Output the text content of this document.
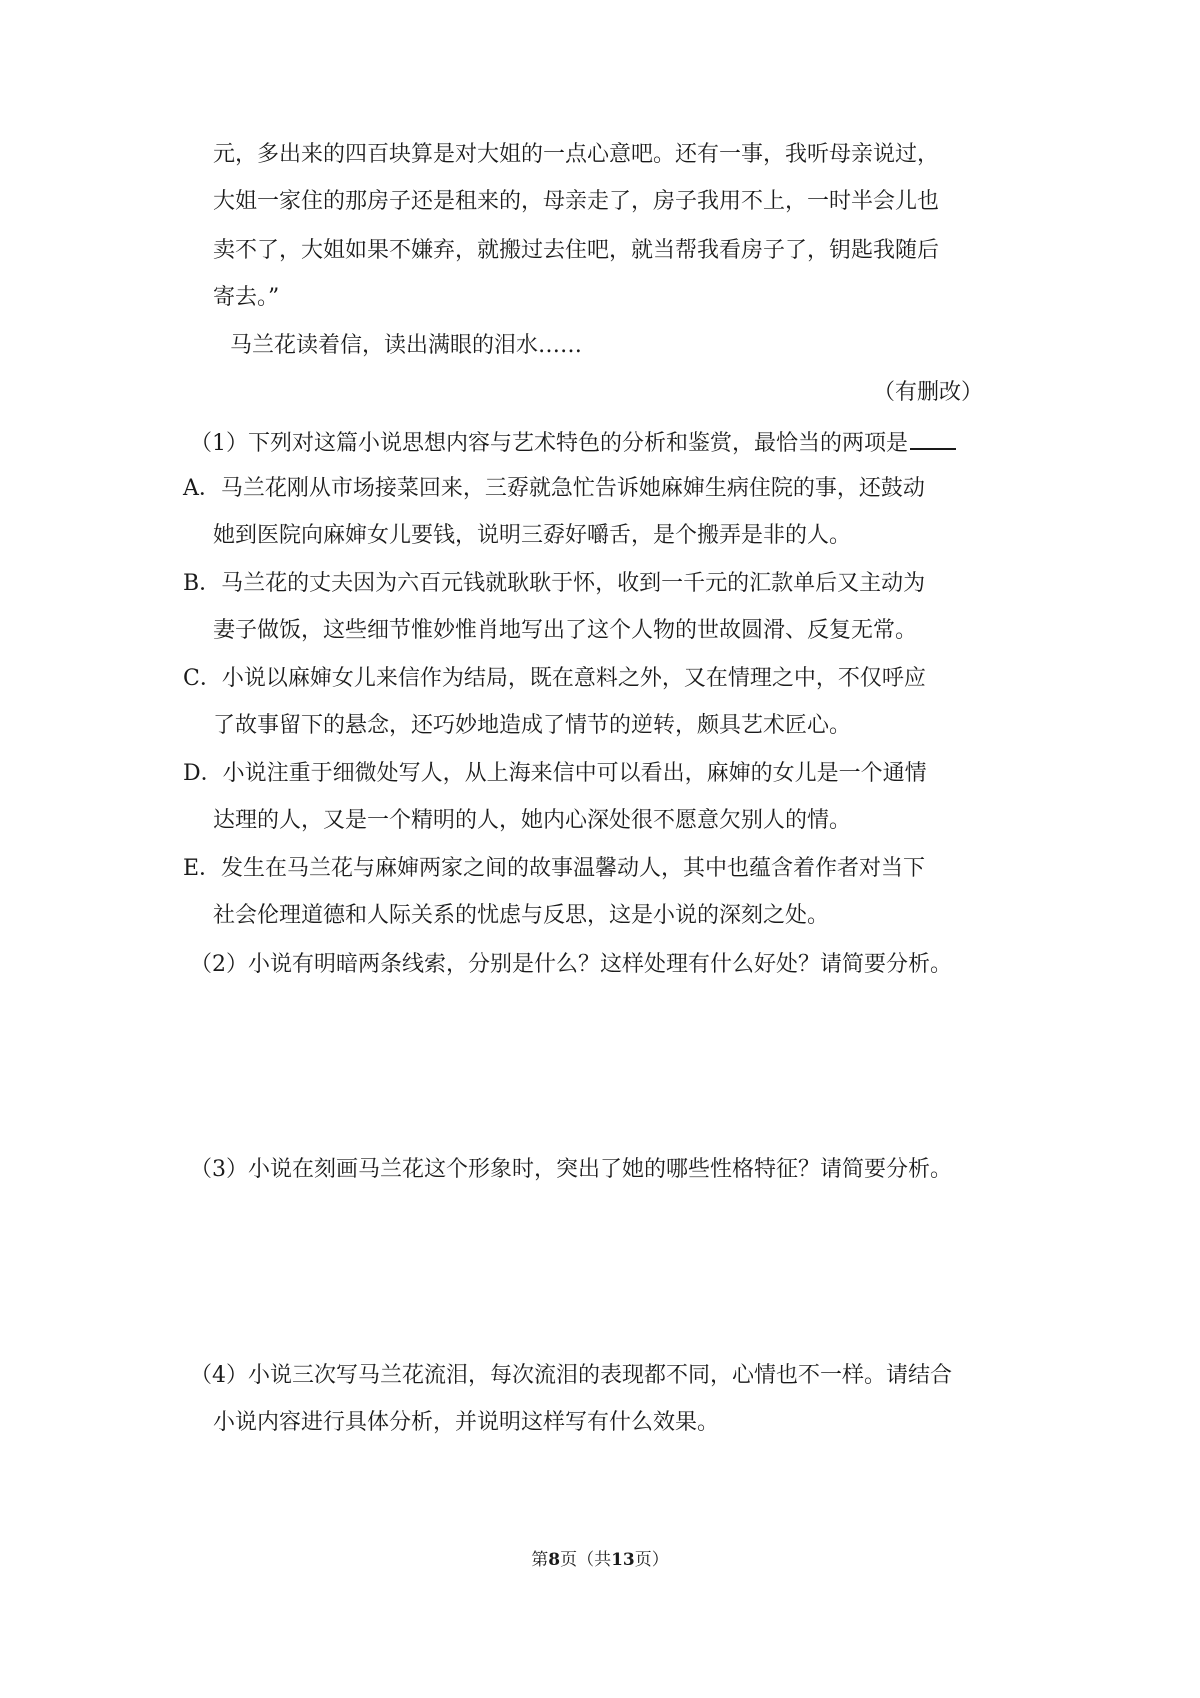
元，多出来的四百块算是对大姐的一点心意吧。还有一事，我听母亲说过，
大姐一家住的那房子还是租来的，母亲走了，房子我用不上，一时半会儿也
卖不了，大姐如果不嫌弃，就搬过去住吧，就当帮我看房子了，钥匙我随后
寄去。”
马兰花读着信，读出满眼的泪水……
（有删改）
（1）下列对这篇小说思想内容与艺术特色的分析和鉴赏，最恰当的两项是
A．马兰花刚从市场接菜回来，三孬就急忙告诉她麻婶生病住院的事，还鼓动
她到医院向麻婶女儿要钱，说明三孬好嚼舌，是个搬弄是非的人。
B．马兰花的丈夫因为六百元钱就耿耿于怀，收到一千元的汇款单后又主动为
妻子做饭，这些细节惟妙惟肖地写出了这个人物的世故圆滑、反复无常。
C．小说以麻婶女儿来信作为结局，既在意料之外，又在情理之中，不仅呼应
了故事留下的悬念，还巧妙地造成了情节的逆转，颇具艺术匠心。
D．小说注重于细微处写人，从上海来信中可以看出，麻婶的女儿是一个通情
达理的人，又是一个精明的人，她内心深处很不愿意欠别人的情。
E．发生在马兰花与麻婶两家之间的故事温馨动人，其中也蕴含着作者对当下
社会伦理道德和人际关系的忧虑与反思，这是小说的深刻之处。
（2）小说有明暗两条线索，分别是什么？这样处理有什么好处？请简要分析。
（3）小说在刻画马兰花这个形象时，突出了她的哪些性格特征？请简要分析。
（4）小说三次写马兰花流泪，每次流泪的表现都不同，心情也不一样。请结合
小说内容进行具体分析，并说明这样写有什么效果。
第8页（共13页）
